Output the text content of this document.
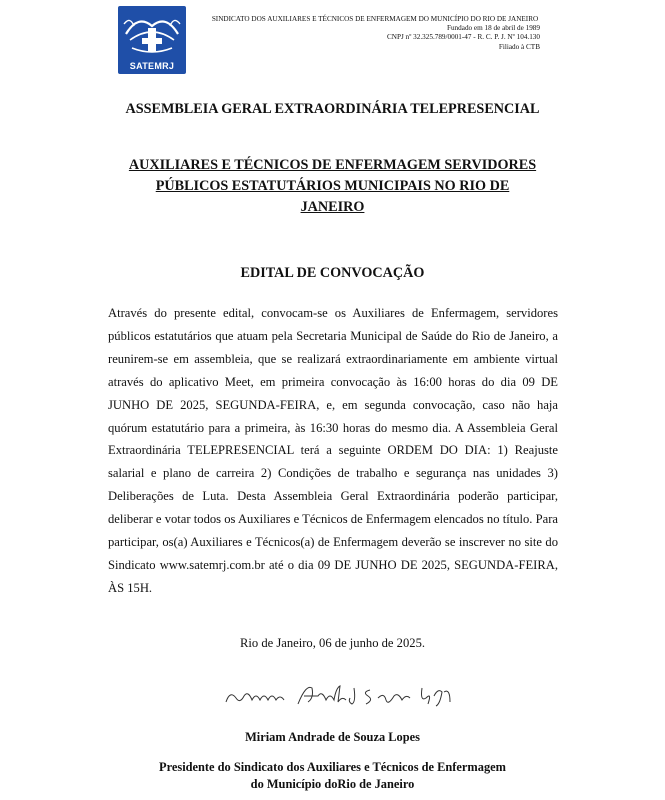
SATEMRJ
SINDICATO DOS AUXILIARES E TÉCNICOS DE ENFERMAGEM DO MUNICÍPIO DO RIO DE JANEIRO
Fundado em 18 de abril de 1989
CNPJ nº 32.325.789/0001-47 - R. C. P. J. Nº 104.130
Filiado à CTB
ASSEMBLEIA GERAL EXTRAORDINÁRIA TELEPRESENCIAL
AUXILIARES E TÉCNICOS DE ENFERMAGEM SERVIDORES
PÚBLICOS ESTATUTÁRIOS MUNICIPAIS NO RIO DE
JANEIRO
EDITAL DE CONVOCAÇÃO
Através do presente edital, convocam-se os Auxiliares de Enfermagem, servidores públicos estatutários que atuam pela Secretaria Municipal de Saúde do Rio de Janeiro, a reunirem-se em assembleia, que se realizará extraordinariamente em ambiente virtual através do aplicativo Meet, em primeira convocação às 16:00 horas do dia 09 DE JUNHO DE 2025, SEGUNDA-FEIRA, e, em segunda convocação, caso não haja quórum estatutário para a primeira, às 16:30 horas do mesmo dia. A Assembleia Geral Extraordinária TELEPRESENCIAL terá a seguinte ORDEM DO DIA: 1) Reajuste salarial e plano de carreira 2) Condições de trabalho e segurança nas unidades 3) Deliberações de Luta. Desta Assembleia Geral Extraordinária poderão participar, deliberar e votar todos os Auxiliares e Técnicos de Enfermagem elencados no título. Para participar, os(a) Auxiliares e Técnicos(a) de Enfermagem deverão se inscrever no site do Sindicato www.satemrj.com.br até o dia 09 DE JUNHO DE 2025, SEGUNDA-FEIRA, ÀS 15H.
Rio de Janeiro, 06 de junho de 2025.
Miriam Andrade de Souza Lopes
Presidente do Sindicato dos Auxiliares e Técnicos de Enfermagem
do Município doRio de Janeiro
